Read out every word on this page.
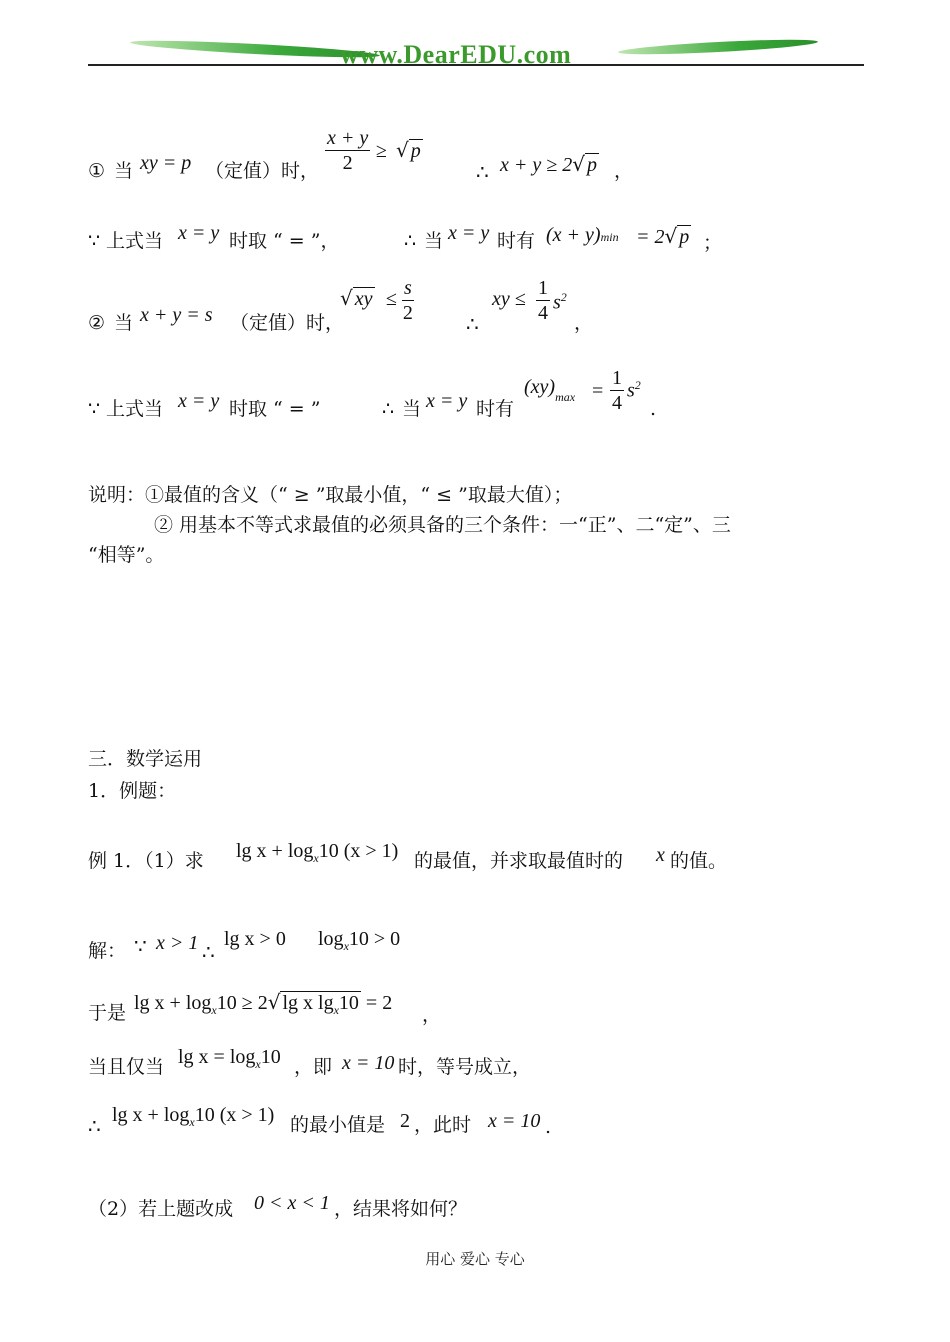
www.DearEDU.com
① 当 xy = p （定值）时， $\frac{x + y}{2}$ ≥ √ p
∴ x + y ≥ 2√ p ，
∵ 上式当 x = y 时取 “ = ”，	∴ 当 x = y 时有 (x + y)min = 2√ p ；
② 当 x + y = s （定值）时，
√ xy ≤ $\frac{s}{2}$	∴
xy ≤ $\frac{1}{4} s^2$
，
∵ 上式当 x = y 时取 “ = ”	∴ 当 x = y 时有
$(xy)_{max} = \frac{1}{4} s^2$
.
说明：①最值的含义（“ ≥ ”取最小值，“ ≤ ”取最大值）；
② 用基本不等式求最值的必须具备的三个条件：一“正”、二“定”、三
“相等”。
三．数学运用
1．例题：
例 1．（1）求 $\lg x + \log_x10$ (x > 1) 的最值，并求取最值时的 x 的值。
解： ∵ x > 1 ∴
lg x > 0 $\log_x10 > 0$
于是 $\lg x + \log_x10 \ge 2√$ lg x $\lg_x10 = 2$
，
当且仅当 $\lg x = \log_x10$ ，即 x = 10 时，等号成立，
∴
$\lg x + \log_x10$ (x > 1) 的最小值是 2 ，此时 x = 10 .
（2）若上题改成 0 < x < 1 ，结果将如何？
用心 爱心 专心
